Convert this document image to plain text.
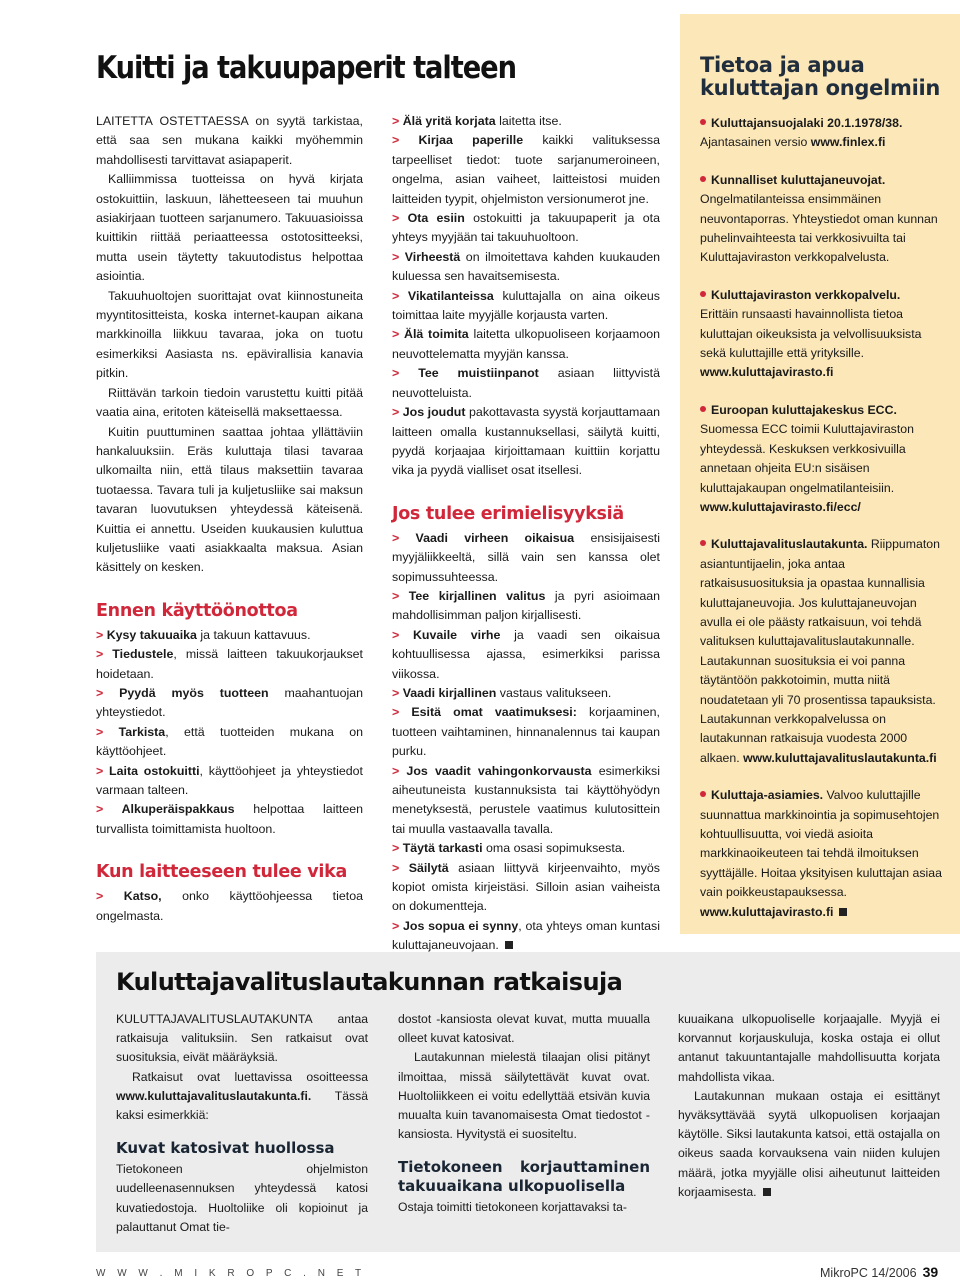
Kuitti ja takuupaperit talteen

LAITETTA OSTETTAESSA on syytä tarkistaa, että saa sen mukana kaikki myöhemmin mahdollisesti tarvittavat asiapaperit.

Kalliimmissa tuotteissa on hyvä kirjata ostokuittiin, laskuun, lähetteeseen tai muuhun asiakirjaan tuotteen sarjanumero. Takuuasioissa kuittikin riittää periaatteessa ostotositteeksi, mutta usein täytetty takuutodistus helpottaa asiointia.

Takuuhuoltojen suorittajat ovat kiinnostuneita myyntitositteista, koska internet-kaupan aikana markkinoilla liikkuu tavaraa, joka on tuotu esimerkiksi Aasiasta ns. epävirallisia kanavia pitkin.

Riittävän tarkoin tiedoin varustettu kuitti pitää vaatia aina, eritoten käteisellä maksettaessa.

Kuitin puuttuminen saattaa johtaa yllättäviin hankaluuksiin. Eräs kuluttaja tilasi tavaraa ulkomailta niin, että tilaus maksettiin tavaraa tuotaessa. Tavara tuli ja kuljetusliike sai maksun tavaran luovutuksen yhteydessä käteisenä. Kuittia ei annettu. Useiden kuukausien kuluttua kuljetusliike vaati asiakkaalta maksua. Asian käsittely on kesken.

Ennen käyttöönottoa

> Kysy takuuaika ja takuun kattavuus.

> Tiedustele, missä laitteen takuukorjaukset hoidetaan.

> Pyydä myös tuotteen maahantuojan yhteystiedot.

> Tarkista, että tuotteiden mukana on käyttöohjeet.

> Laita ostokuitti, käyttöohjeet ja yhteystiedot varmaan talteen.

> Alkuperäispakkaus helpottaa laitteen turvallista toimittamista huoltoon.

Kun laitteeseen tulee vika

> Katso, onko käyttöohjeessa tietoa ongelmasta.

> Älä yritä korjata laitetta itse.

> Kirjaa paperille kaikki valituksessa tarpeelliset tiedot: tuote sarjanumeroineen, ongelma, asian vaiheet, laitteistosi muiden laitteiden tyypit, ohjelmiston versionumerot jne.

> Ota esiin ostokuitti ja takuupaperit ja ota yhteys myyjään tai takuuhuoltoon.

> Virheestä on ilmoitettava kahden kuukauden kuluessa sen havaitsemisesta.

> Vikatilanteissa kuluttajalla on aina oikeus toimittaa laite myyjälle korjausta varten.

> Älä toimita laitetta ulkopuoliseen korjaamoon neuvottelematta myyjän kanssa.

> Tee muistiinpanot asiaan liittyvistä neuvotteluista.

> Jos joudut pakottavasta syystä korjauttamaan laitteen omalla kustannuksellasi, säilytä kuitti, pyydä korjaajaa kirjoittamaan kuittiin korjattu vika ja pyydä vialliset osat itsellesi.

Jos tulee erimielisyyksiä

> Vaadi virheen oikaisua ensisijaisesti myyjäliikkeeltä, sillä vain sen kanssa olet sopimussuhteessa.

> Tee kirjallinen valitus ja pyri asioimaan mahdollisimman paljon kirjallisesti.

> Kuvaile virhe ja vaadi sen oikaisua kohtuullisessa ajassa, esimerkiksi parissa viikossa.

> Vaadi kirjallinen vastaus valitukseen.

> Esitä omat vaatimuksesi: korjaaminen, tuotteen vaihtaminen, hinnanalennus tai kaupan purku.

> Jos vaadit vahingonkorvausta esimerkiksi aiheutuneista kustannuksista tai käyttöhyödyn menetyksestä, perustele vaatimus kulutosittein tai muulla vastaavalla tavalla.

> Täytä tarkasti oma osasi sopimuksesta.

> Säilytä asiaan liittyvä kirjeenvaihto, myös kopiot omista kirjeistäsi. Silloin asian vaiheista on dokumentteja.

> Jos sopua ei synny, ota yhteys oman kuntasi kuluttajaneuvojaan.

Tietoa ja apua kuluttajan ongelmiin
Kuluttajansuojalaki 20.1.1978/38.
Ajantasainen versio www.finlex.fi
Kunnalliset kuluttajaneuvojat.
Ongelmatilanteissa ensimmäinen neuvontaporras. Yhteystiedot oman kunnan puhelinvaihteesta tai verkkosivuilta tai Kuluttajaviraston verkkopalvelusta.
Kuluttajaviraston verkkopalvelu.
Erittäin runsaasti havainnollista tietoa kuluttajan oikeuksista ja velvollisuuksista sekä kuluttajille että yrityksille. www.kuluttajavirasto.fi
Euroopan kuluttajakeskus ECC.
Suomessa ECC toimii Kuluttajaviraston yhteydessä. Keskuksen verkkosivuilla annetaan ohjeita EU:n sisäisen kuluttajakaupan ongelmatilanteisiin. www.kuluttajavirasto.fi/ecc/
Kuluttajavalituslautakunta. Riippumaton asiantuntijaelin, joka antaa ratkaisusuosituksia ja opastaa kunnallisia kuluttajaneuvojia. Jos kuluttajaneuvojan avulla ei ole päästy ratkaisuun, voi tehdä valituksen kuluttajavalituslautakunnalle. Lautakunnan suosituksia ei voi panna täytäntöön pakkotoimin, mutta niitä noudatetaan yli 70 prosentissa tapauksista. Lautakunnan verkkopalvelussa on lautakunnan ratkaisuja vuodesta 2000 alkaen. www.kuluttajavalituslautakunta.fi
Kuluttaja-asiamies. Valvoo kuluttajille suunnattua markkinointia ja sopimusehtojen kohtuullisuutta, voi viedä asioita markkinaoikeuteen tai tehdä ilmoituksen syyttäjälle. Hoitaa yksityisen kuluttajan asiaa vain poikkeustapauksessa. www.kuluttajavirasto.fi
Kuluttajavalituslautakunnan ratkaisuja

KULUTTAJAVALITUSLAUTAKUNTA antaa ratkaisuja valituksiin. Sen ratkaisut ovat suosituksia, eivät määräyksiä.

Ratkaisut ovat luettavissa osoitteessa www.kuluttajavalituslautakunta.fi. Tässä kaksi esimerkkiä:

Kuvat katosivat huollossa

Tietokoneen ohjelmiston uudelleenasennuksen yhteydessä katosi kuvatiedostoja. Huoltoliike oli kopioinut ja palauttanut Omat tie-

dostot -kansiosta olevat kuvat, mutta muualla olleet kuvat katosivat.

Lautakunnan mielestä tilaajan olisi pitänyt ilmoittaa, missä säilytettävät kuvat ovat. Huoltoliikkeen ei voitu edellyttää etsivän kuvia muualta kuin tavanomaisesta Omat tiedostot -kansiosta. Hyvitystä ei suositeltu.

Tietokoneen korjauttaminen takuuaikana ulkopuolisella

Ostaja toimitti tietokoneen korjattavaksi ta-

kuuaikana ulkopuoliselle korjaajalle. Myyjä ei korvannut korjauskuluja, koska ostaja ei ollut antanut takuuntantajalle mahdollisuutta korjata mahdollista vikaa.

Lautakunnan mukaan ostaja ei esittänyt hyväksyttävää syytä ulkopuolisen korjaajan käytölle. Siksi lautakunta katsoi, että ostajalla on oikeus saada korvauksena vain niiden kulujen määrä, jotka myyjälle olisi aiheutunut laitteiden korjaamisesta.

W W W . M I K R O P C . N E T	MikroPC 14/2006 39
